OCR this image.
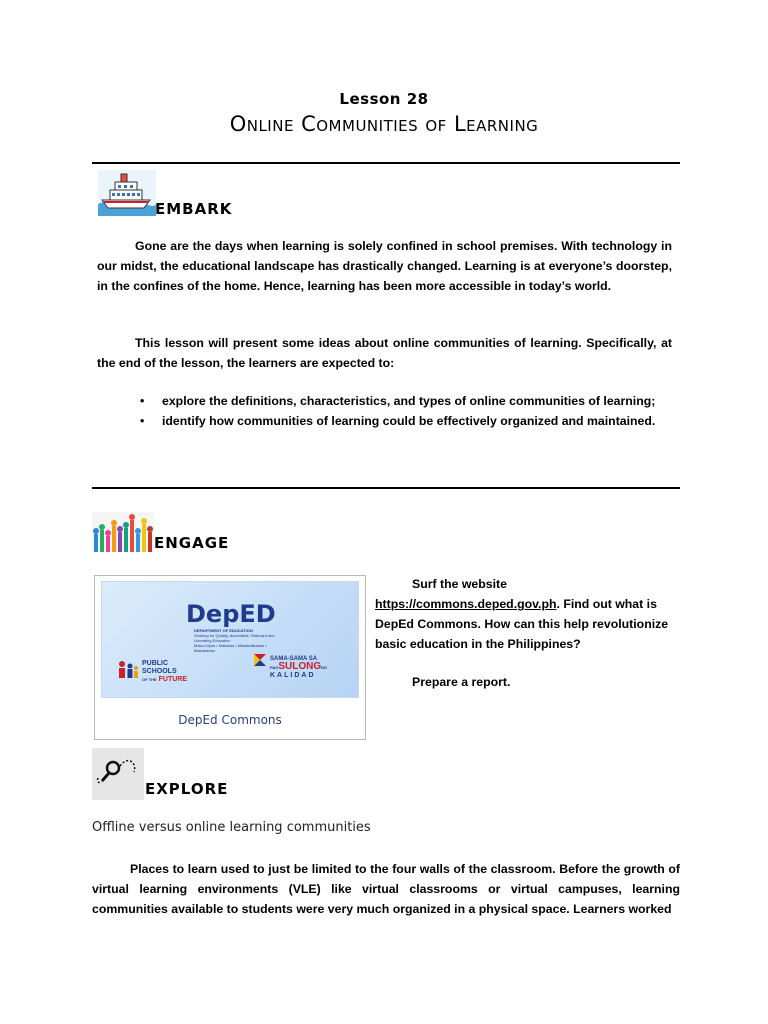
Lesson 28
Online Communities of Learning
EMBARK
Gone are the days when learning is solely confined in school premises. With technology in our midst, the educational landscape has drastically changed. Learning is at everyone’s doorstep, in the confines of the home. Hence, learning has been more accessible in today’s world.
This lesson will present some ideas about online communities of learning. Specifically, at the end of the lesson, the learners are expected to:
• explore the definitions, characteristics, and types of online communities of learning;
• identify how communities of learning could be effectively organized and maintained.
ENGAGE
DepED
DEPARTMENT OF EDUCATION
Working for Quality, Accessible, Relevant and Liberating Education
Maka-Diyos • Makatao • Makakalikasan • Makabansa
PUBLIC
SCHOOLS
OF THE FUTURE
SAMA-SAMA SA
PAGSULONGNG
KALIDAD
DepEd Commons
Surf the website
https://commons.deped.gov.ph. Find out what is DepEd Commons. How can this help revolutionize basic education in the Philippines?
Prepare a report.
EXPLORE
Offline versus online learning communities
Places to learn used to just be limited to the four walls of the classroom. Before the growth of virtual learning environments (VLE) like virtual classrooms or virtual campuses, learning communities available to students were very much organized in a physical space. Learners worked
